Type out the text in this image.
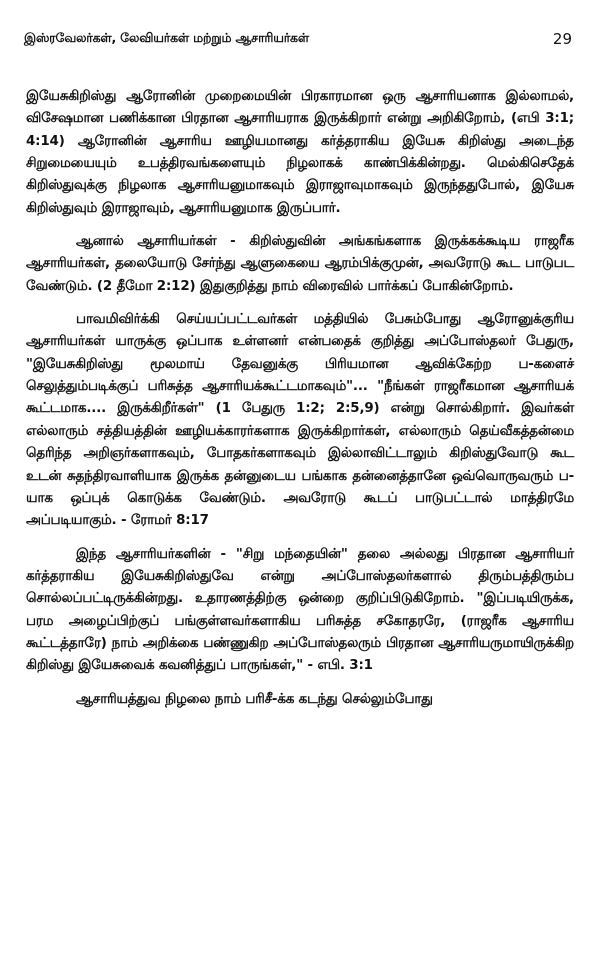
இஸ்ரவேலர்கள், லேவியர்கள் மற்றும் ஆசாரியர்கள்	29

இயேசுகிறிஸ்து ஆரோனின் முறைமையின் பிரகாரமான ஒரு ஆசாரியனாக இல்லாமல், விசேஷமான பணிக்கான பிரதான ஆசாரியராக இருக்கிறார் என்று அறிகிறோம், (எபி 3:1; 4:14) ஆரோனின் ஆசாரிய ஊழியமானது கர்த்தராகிய இயேசு கிறிஸ்து அடைந்த சிறுமையையும் உபத்திரவங்களையும் நிழலாகக் காண்பிக்கின்றது. மெல்கிசெதேக் கிறிஸ்துவுக்கு நிழலாக ஆசாரியனுமாகவும் இராஜாவுமாகவும் இருந்ததுபோல், இயேசு கிறிஸ்துவும் இராஜாவும், ஆசாரியனுமாக இருப்பார்.

ஆனால் ஆசாரியர்கள் - கிறிஸ்துவின் அங்கங்களாக இருக்கக்கூடிய ராஜரீக ஆசாரியர்கள், தலையோடு சேர்ந்து ஆளுகையை ஆரம்பிக்குமுன், அவரோடு கூட பாடுபட வேண்டும். (2 தீமோ 2:12) இதுகுறித்து நாம் விரைவில் பார்க்கப் போகின்றோம்.

பாவமிவிர்க்கி செய்யப்பட்டவர்கள் மத்தியில் பேசும்போது ஆரோனுக்குரிய ஆசாரியர்கள் யாருக்கு ஒப்பாக உள்ளனர் என்பதைக் குறித்து அப்போஸ்தலர் பேதுரு, "இயேசுகிறிஸ்து மூலமாய் தேவனுக்கு பிரியமான ஆவிக்கேற்ற ப-களைச் செலுத்தும்படிக்குப் பரிசுத்த ஆசாரியக்கூட்டமாகவும்"... "நீங்கள் ராஜரீகமான ஆசாரியக் கூட்டமாக.... இருக்கிறீர்கள்" (1 பேதுரு 1:2; 2:5,9) என்று சொல்கிறார். இவர்கள் எல்லாரும் சத்தியத்தின் ஊழியக்காரர்களாக இருக்கிறார்கள், எல்லாரும் தெய்வீகத்தன்மை தெரிந்த அறிஞர்களாகவும், போதகர்களாகவும் இல்லாவிட்டாலும் கிறிஸ்துவோடு கூட உடன் சுதந்திரவாளியாக இருக்க தன்னுடைய பங்காக தன்னைத்தானே ஒவ்வொருவரும் ப-யாக ஒப்புக் கொடுக்க வேண்டும். அவரோடு கூடப் பாடுபட்டால் மாத்திரமே அப்படியாகும். - ரோமர் 8:17

இந்த ஆசாரியர்களின் - "சிறு மந்தையின்" தலை அல்லது பிரதான ஆசாரியர் கர்த்தராகிய இயேசுகிறிஸ்துவே என்று அப்போஸ்தலர்களால் திரும்பத்திரும்ப சொல்லப்பட்டிருக்கின்றது. உதாரணத்திற்கு ஒன்றை குறிப்பிடுகிறோம். "இப்படியிருக்க, பரம அழைப்பிற்குப் பங்குள்ளவர்களாகிய பரிசுத்த சகோதரரே, (ராஜரீக ஆசாரிய கூட்டத்தாரே) நாம் அறிக்கை பண்ணுகிற அப்போஸ்தலரும் பிரதான ஆசாரியருமாயிருக்கிற கிறிஸ்து இயேசுவைக் கவனித்துப் பாருங்கள்," - எபி. 3:1

ஆசாரியத்துவ நிழலை நாம் பரிசீ-க்க கடந்து செல்லும்போது
